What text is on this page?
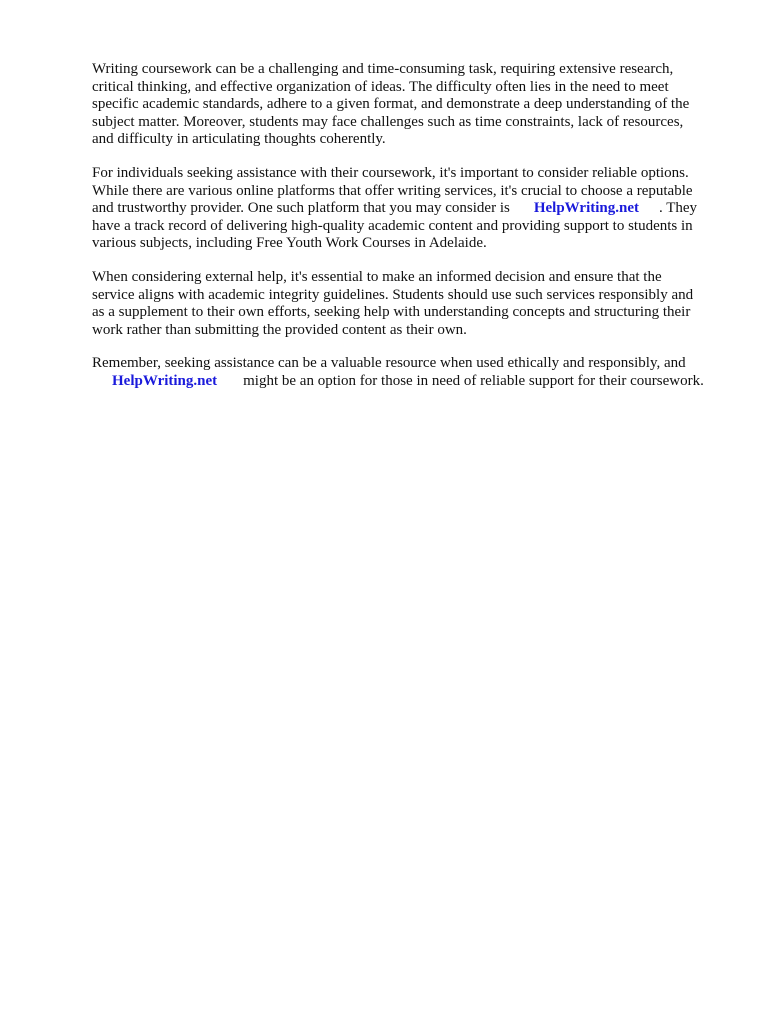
Writing coursework can be a challenging and time-consuming task, requiring extensive research,
critical thinking, and effective organization of ideas. The difficulty often lies in the need to meet
specific academic standards, adhere to a given format, and demonstrate a deep understanding of the
subject matter. Moreover, students may face challenges such as time constraints, lack of resources,
and difficulty in articulating thoughts coherently.

For individuals seeking assistance with their coursework, it's important to consider reliable options.
While there are various online platforms that offer writing services, it's crucial to choose a reputable
and trustworthy provider. One such platform that you may consider is HelpWriting.net . They
have a track record of delivering high-quality academic content and providing support to students in
various subjects, including Free Youth Work Courses in Adelaide.

When considering external help, it's essential to make an informed decision and ensure that the
service aligns with academic integrity guidelines. Students should use such services responsibly and
as a supplement to their own efforts, seeking help with understanding concepts and structuring their
work rather than submitting the provided content as their own.

Remember, seeking assistance can be a valuable resource when used ethically and responsibly, and
HelpWriting.net might be an option for those in need of reliable support for their coursework.
